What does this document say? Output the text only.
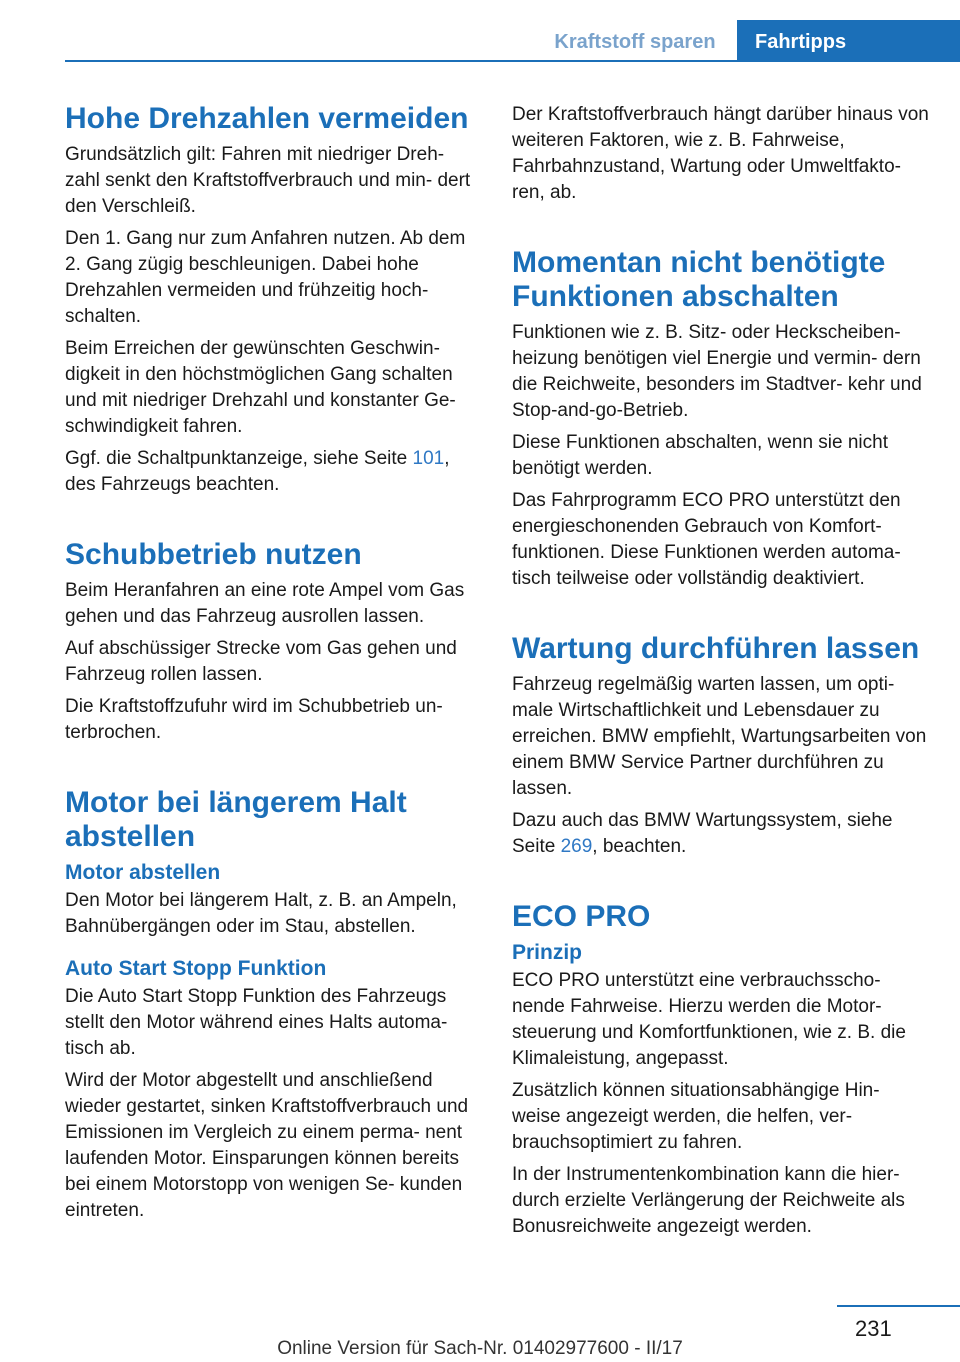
Kraftstoff sparen	Fahrtipps
Hohe Drehzahlen vermeiden

Grundsätzlich gilt: Fahren mit niedriger Dreh- zahl senkt den Kraftstoffverbrauch und min- dert den Verschleiß.

Den 1. Gang nur zum Anfahren nutzen. Ab dem 2. Gang zügig beschleunigen. Dabei hohe Drehzahlen vermeiden und frühzeitig hoch- schalten.

Beim Erreichen der gewünschten Geschwin- digkeit in den höchstmöglichen Gang schalten und mit niedriger Drehzahl und konstanter Ge- schwindigkeit fahren.

Ggf. die Schaltpunktanzeige, siehe Seite 101, des Fahrzeugs beachten.

Schubbetrieb nutzen

Beim Heranfahren an eine rote Ampel vom Gas gehen und das Fahrzeug ausrollen lassen.

Auf abschüssiger Strecke vom Gas gehen und Fahrzeug rollen lassen.

Die Kraftstoffzufuhr wird im Schubbetrieb un- terbrochen.

Motor bei längerem Halt abstellen
Motor abstellen

Den Motor bei längerem Halt, z. B. an Ampeln, Bahnübergängen oder im Stau, abstellen.

Auto Start Stopp Funktion

Die Auto Start Stopp Funktion des Fahrzeugs stellt den Motor während eines Halts automa- tisch ab.

Wird der Motor abgestellt und anschließend wieder gestartet, sinken Kraftstoffverbrauch und Emissionen im Vergleich zu einem perma- nent laufenden Motor. Einsparungen können bereits bei einem Motorstopp von wenigen Se- kunden eintreten.

Der Kraftstoffverbrauch hängt darüber hinaus von weiteren Faktoren, wie z. B. Fahrweise, Fahrbahnzustand, Wartung oder Umweltfakto- ren, ab.

Momentan nicht benötigte Funktionen abschalten

Funktionen wie z. B. Sitz- oder Heckscheiben- heizung benötigen viel Energie und vermin- dern die Reichweite, besonders im Stadtver- kehr und Stop-and-go-Betrieb.

Diese Funktionen abschalten, wenn sie nicht benötigt werden.

Das Fahrprogramm ECO PRO unterstützt den energieschonenden Gebrauch von Komfort- funktionen. Diese Funktionen werden automa- tisch teilweise oder vollständig deaktiviert.

Wartung durchführen lassen

Fahrzeug regelmäßig warten lassen, um opti- male Wirtschaftlichkeit und Lebensdauer zu erreichen. BMW empfiehlt, Wartungsarbeiten von einem BMW Service Partner durchführen zu lassen.

Dazu auch das BMW Wartungssystem, siehe Seite 269, beachten.

ECO PRO
Prinzip

ECO PRO unterstützt eine verbrauchsscho- nende Fahrweise. Hierzu werden die Motor- steuerung und Komfortfunktionen, wie z. B. die Klimaleistung, angepasst.

Zusätzlich können situationsabhängige Hin- weise angezeigt werden, die helfen, ver- brauchsoptimiert zu fahren.

In der Instrumentenkombination kann die hier- durch erzielte Verlängerung der Reichweite als Bonusreichweite angezeigt werden.

231
Online Version für Sach-Nr. 01402977600 - II/17
